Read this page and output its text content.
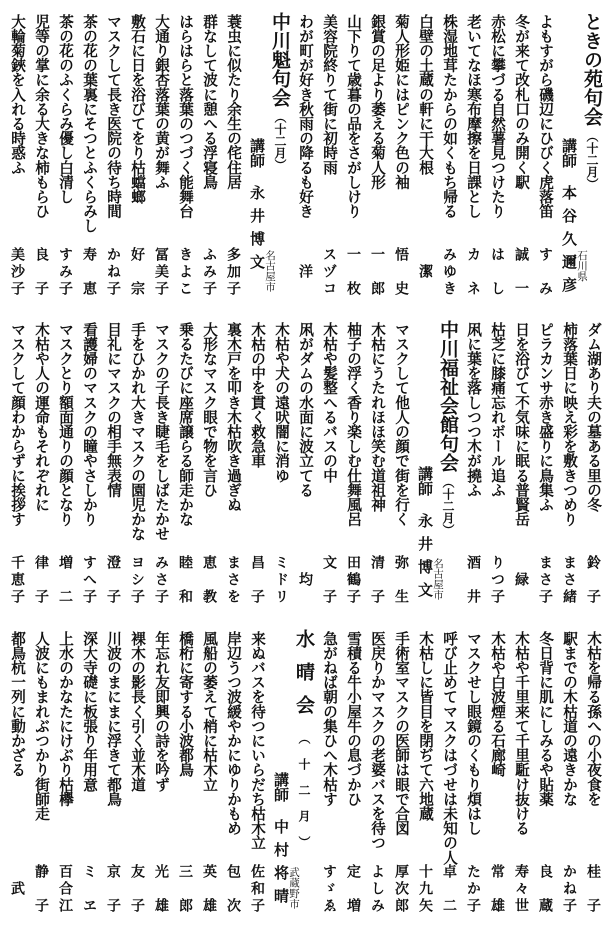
ときの苑句会（十二月）
講師
本谷久邇彦
石川県
よもすがら磯辺にひびく虎落笛
すみ
冬が来て改札口のみ開く駅
誠一
赤松に攀づる自然薯見つけたり
はし
老いてなほ寒布摩擦を日課とし
カネ
株湿地茸たからの如くもち帰る
みゆき
白壁の土蔵の軒に干大根
潔
菊人形姫にはピンク色の袖
悟史
銀賞の足より萎える菊人形
一郎
山下りて歳暮の品をさがしけり
一枚
美容院終りて街に初時雨
スヅコ
わが町が好き秋雨の降るも好き
洋
中川魁句会（十二月）
講師
永井博文
名古屋市
蓑虫に似たり余生の侘住居
多加子
群なして波に憩へる浮寝鳥
ふみ子
はらはらと落葉のつづく能舞台
きよこ
大通り銀杏落葉の黄が舞ふ
冨美子
敷石に日を浴びてをり枯蟷螂
好宗
マスクして長き医院の待ち時間
かね子
茶の花の葉裏にそつとふくらみし
寿恵
茶の花のふくらみ優し白清し
すみ子
児等の掌に余る大きな柿もらひ
良子
大輪菊鋏を入れる時惑ふ
美沙子
ダム湖あり夫の墓ある里の冬
鈴子
柿落葉日に映え彩を敷きつめり
まさ緒
ピラカンサ赤き盛りに鳥集ふ
まさ子
日を浴びて不気味に眠る普賢岳
緑
枯芝に膝痛忘れボール追ふ
りつ子
凩に葉を落しつつ木が撓ふ
酒井
中川福祉会館句会（十二月）
講師
永井博文
名古屋市
マスクして他人の顔で街を行く
弥生
木枯にうたれほほ笑む道祖神
清子
柚子の浮く香り楽しむ仕舞風呂
田鶴子
木枯や髪整へるバスの中
文子
凩がダムの水面に波立てる
均
木枯や犬の遠吠闇に消ゆ
ミドリ
木枯の中を貫く救急車
昌子
裏木戸を叩き木枯吹き過ぎぬ
まさを
大形なマスク眼で物を言ひ
恵教
乗るたびに座席譲らる師走かな
睦和
マスクの子長き睫毛をしばたかせ
みさ子
手をひかれ大きマスクの園児かな
ヨシ子
目礼にマスクの相手無表情
澄子
看護婦のマスクの瞳やさしかり
すへ子
マスクとり額面通りの顔となり
増二
木枯や人の運命もそれぞれに
律子
マスクして顔わからずに挨拶す
千恵子
木枯を帰る孫への小夜食を
桂子
駅までの木枯道の遠きかな
かね子
冬日背に肌にしみるや貼薬
良蔵
木枯や千里来て千里駈け抜ける
寿々世
木枯や白波煙る石廊崎
常雄
マスクせし眼鏡のくもり煩はし
たか子
呼び止めてマスクはづせは未知の人
卓二
木枯しに皆目を閉ぢて六地蔵
十九矢
手術室マスクの医師は眼で合図
厚次郎
医戻りかマスクの老婆バスを待つ
よしみ
雪積る牛小屋牛の息づかひ
定増
急がねば朝の集ひへ木枯す
すゞゑ
水晴会（十二月）
講師
中村将晴
武蔵野市
来ぬバスを待つにいらだち枯木立
佐和子
岸辺うつ波緩やかにゆりかもめ
包次
風船の萎えて梢に枯木立
英雄
橋桁に寄する小波都鳥
三郎
年忘れ友即興の詩を吟ず
光雄
裸木の影長く引く並木道
友子
川波のまにまに浮きて都鳥
京子
深大寺礎に板張り年用意
ミヱ
上水のかなたにけぶり枯欅
百合江
人波にもまれぶつかり街師走
静子
都鳥杭一列に動かざる
武
